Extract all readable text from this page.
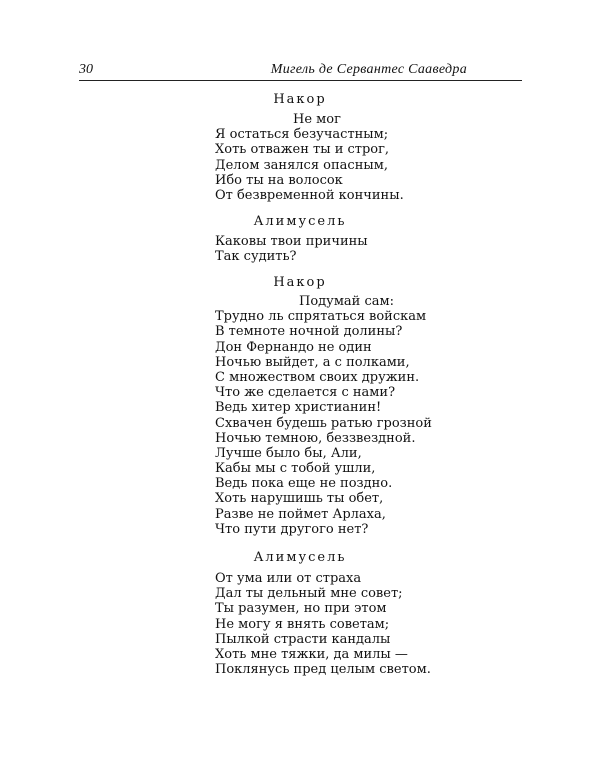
30	Мигель де Сервантес Сааведра
Накор
Не мог
Я остаться безучастным;
Хоть отважен ты и строг,
Делом занялся опасным,
Ибо ты на волосок
От безвременной кончины.
Алимусель
Каковы твои причины
Так судить?
Накор
Подумай сам:
Трудно ль спрятаться войскам
В темноте ночной долины?
Дон Фернандо не один
Ночью выйдет, а с полками,
С множеством своих дружин.
Что же сделается с нами?
Ведь хитер христианин!
Схвачен будешь ратью грозной
Ночью темною, беззвездной.
Лучше было бы, Али,
Кабы мы с тобой ушли,
Ведь пока еще не поздно.
Хоть нарушишь ты обет,
Разве не поймет Арлаха,
Что пути другого нет?
Алимусель
От ума или от страха
Дал ты дельный мне совет;
Ты разумен, но при этом
Не могу я внять советам;
Пылкой страсти кандалы
Хоть мне тяжки, да милы —
Поклянусь пред целым светом.
